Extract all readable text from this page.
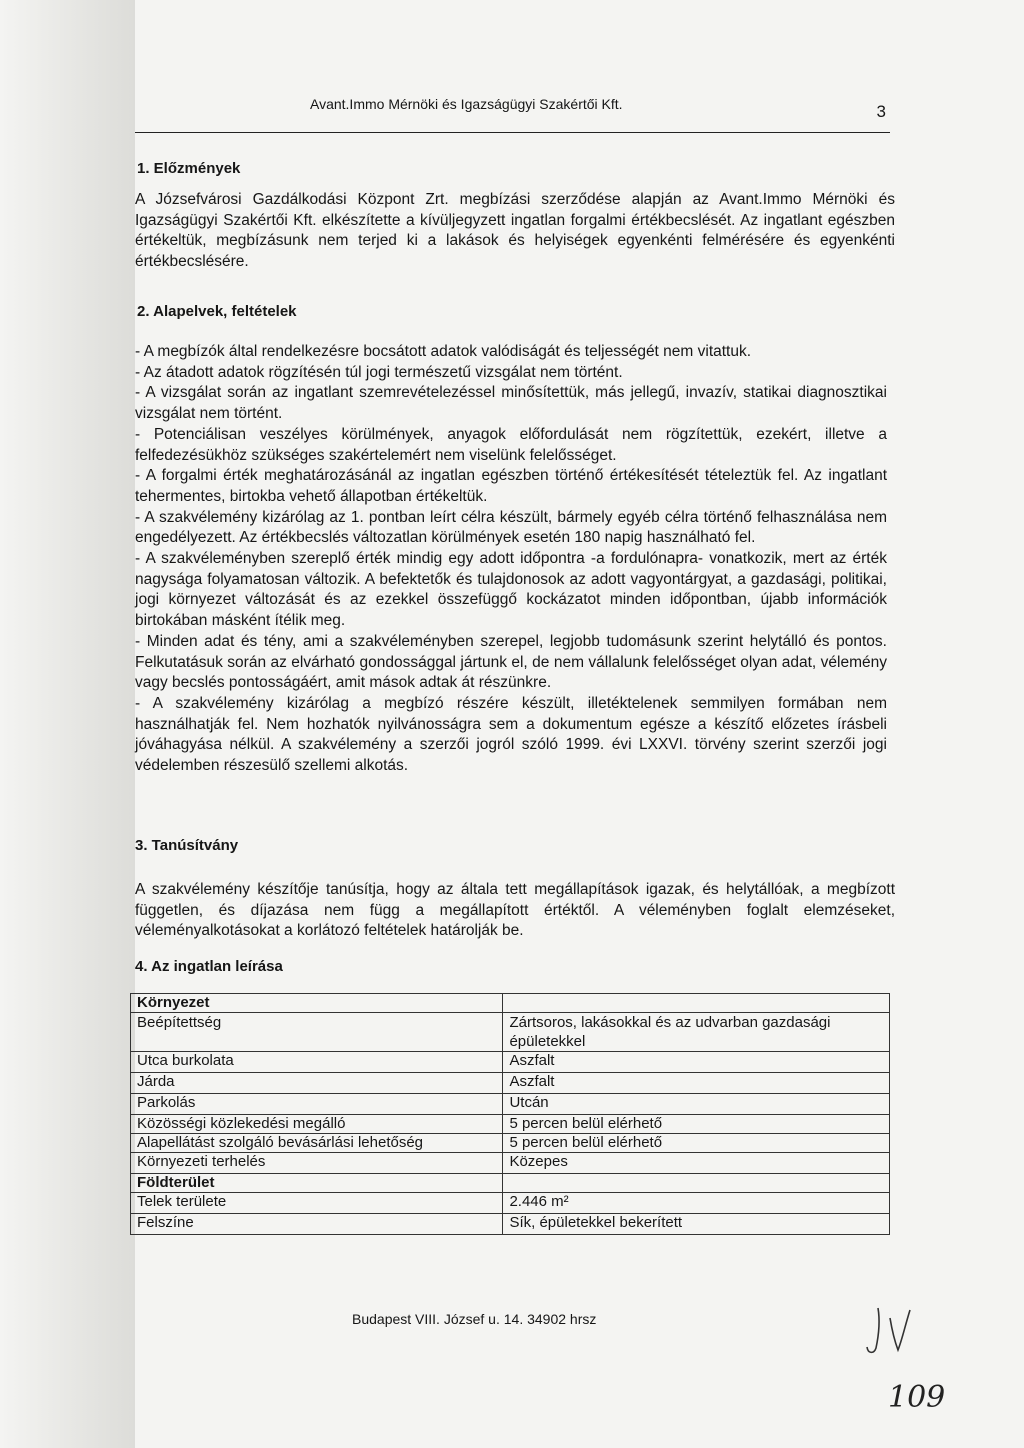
Avant.Immo Mérnöki és Igazságügyi Szakértői Kft.	3
1. Előzmények

A Józsefvárosi Gazdálkodási Központ Zrt. megbízási szerződése alapján az Avant.Immo Mérnöki és Igazságügyi Szakértői Kft. elkészítette a kívüljegyzett ingatlan forgalmi értékbecslését. Az ingatlant egészben értékeltük, megbízásunk nem terjed ki a lakások és helyiségek egyenkénti felmérésére és egyenkénti értékbecslésére.

2. Alapelvek, feltételek
- A megbízók által rendelkezésre bocsátott adatok valódiságát és teljességét nem vitattuk.
- Az átadott adatok rögzítésén túl jogi természetű vizsgálat nem történt.
- A vizsgálat során az ingatlant szemrevételezéssel minősítettük, más jellegű, invazív, statikai diagnosztikai vizsgálat nem történt.
- Potenciálisan veszélyes körülmények, anyagok előfordulását nem rögzítettük, ezekért, illetve a felfedezésükhöz szükséges szakértelemért nem viselünk felelősséget.
- A forgalmi érték meghatározásánál az ingatlan egészben történő értékesítését tételeztük fel. Az ingatlant tehermentes, birtokba vehető állapotban értékeltük.
- A szakvélemény kizárólag az 1. pontban leírt célra készült, bármely egyéb célra történő felhasználása nem engedélyezett. Az értékbecslés változatlan körülmények esetén 180 napig használható fel.
- A szakvéleményben szereplő érték mindig egy adott időpontra -a fordulónapra- vonatkozik, mert az érték nagysága folyamatosan változik. A befektetők és tulajdonosok az adott vagyontárgyat, a gazdasági, politikai, jogi környezet változását és az ezekkel összefüggő kockázatot minden időpontban, újabb információk birtokában másként ítélik meg.
- Minden adat és tény, ami a szakvéleményben szerepel, legjobb tudomásunk szerint helytálló és pontos. Felkutatásuk során az elvárható gondossággal jártunk el, de nem vállalunk felelősséget olyan adat, vélemény vagy becslés pontosságáért, amit mások adtak át részünkre.
- A szakvélemény kizárólag a megbízó részére készült, illetéktelenek semmilyen formában nem használhatják fel. Nem hozhatók nyilvánosságra sem a dokumentum egésze a készítő előzetes írásbeli jóváhagyása nélkül. A szakvélemény a szerzői jogról szóló 1999. évi LXXVI. törvény szerint szerzői jogi védelemben részesülő szellemi alkotás.
3. Tanúsítvány

A szakvélemény készítője tanúsítja, hogy az általa tett megállapítások igazak, és helytállóak, a megbízott független, és díjazása nem függ a megállapított értéktől. A véleményben foglalt elemzéseket, véleményalkotásokat a korlátozó feltételek határolják be.

4. Az ingatlan leírása
Környezet	
Beépítettség	Zártsoros, lakásokkal és az udvarban gazdasági épületekkel
Utca burkolata	Aszfalt
Járda	Aszfalt
Parkolás	Utcán
Közösségi közlekedési megálló	5 percen belül elérhető
Alapellátást szolgáló bevásárlási lehetőség	5 percen belül elérhető
Környezeti terhelés	Közepes
Földterület	
Telek területe	2.446 m²
Felszíne	Sík, épületekkel bekerített
Budapest VIII. József u. 14. 34902 hrsz
109
